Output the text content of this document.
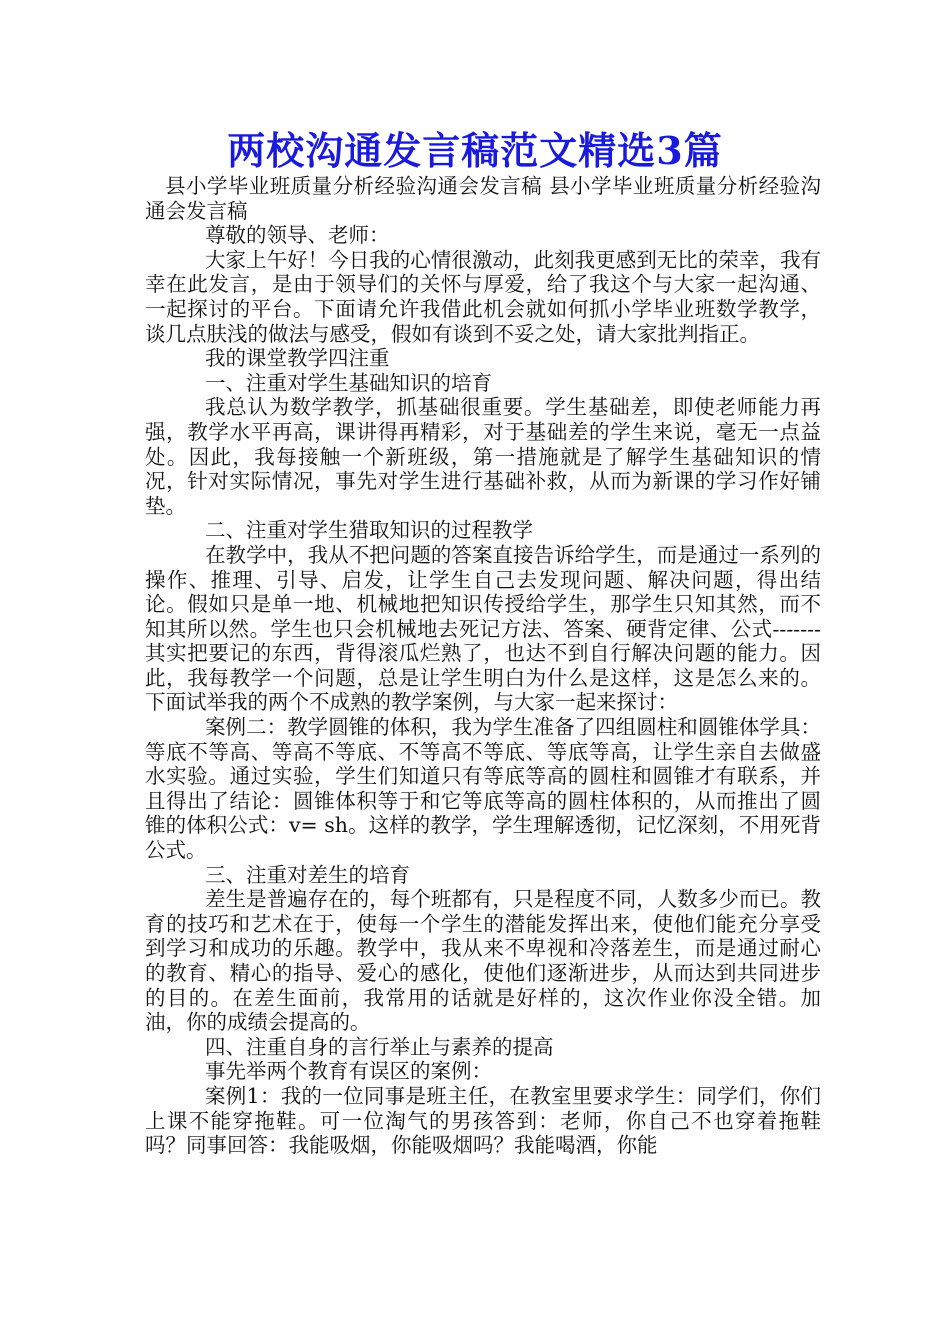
两校沟通发言稿范文精选3篇

县小学毕业班质量分析经验沟通会发言稿 县小学毕业班质量分析经验沟通会发言稿

尊敬的领导、老师：

大家上午好！今日我的心情很激动，此刻我更感到无比的荣幸，我有幸在此发言，是由于领导们的关怀与厚爱，给了我这个与大家一起沟通、一起探讨的平台。下面请允许我借此机会就如何抓小学毕业班数学教学，谈几点肤浅的做法与感受，假如有谈到不妥之处，请大家批判指正。

我的课堂教学四注重

一、注重对学生基础知识的培育

我总认为数学教学，抓基础很重要。学生基础差，即使老师能力再强，教学水平再高，课讲得再精彩，对于基础差的学生来说，毫无一点益处。因此，我每接触一个新班级，第一措施就是了解学生基础知识的情况，针对实际情况，事先对学生进行基础补救，从而为新课的学习作好铺垫。

二、注重对学生猎取知识的过程教学

在教学中，我从不把问题的答案直接告诉给学生，而是通过一系列的操作、推理、引导、启发，让学生自己去发现问题、解决问题，得出结论。假如只是单一地、机械地把知识传授给学生，那学生只知其然，而不知其所以然。学生也只会机械地去死记方法、答案、硬背定律、公式-------其实把要记的东西，背得滚瓜烂熟了，也达不到自行解决问题的能力。因此，我每教学一个问题，总是让学生明白为什么是这样，这是怎么来的。下面试举我的两个不成熟的教学案例，与大家一起来探讨：

案例二：教学圆锥的体积，我为学生准备了四组圆柱和圆锥体学具：等底不等高、等高不等底、不等高不等底、等底等高，让学生亲自去做盛水实验。通过实验，学生们知道只有等底等高的圆柱和圆锥才有联系，并且得出了结论：圆锥体积等于和它等底等高的圆柱体积的，从而推出了圆锥的体积公式：v= sh。这样的教学，学生理解透彻，记忆深刻，不用死背公式。

三、注重对差生的培育

差生是普遍存在的，每个班都有，只是程度不同，人数多少而已。教育的技巧和艺术在于，使每一个学生的潜能发挥出来，使他们能充分享受到学习和成功的乐趣。教学中，我从来不卑视和冷落差生，而是通过耐心的教育、精心的指导、爱心的感化，使他们逐渐进步，从而达到共同进步的目的。在差生面前，我常用的话就是好样的，这次作业你没全错。加油，你的成绩会提高的。

四、注重自身的言行举止与素养的提高

事先举两个教育有误区的案例：

案例1：我的一位同事是班主任，在教室里要求学生：同学们，你们上课不能穿拖鞋。可一位淘气的男孩答到：老师，你自己不也穿着拖鞋吗？同事回答：我能吸烟，你能吸烟吗？我能喝酒，你能
